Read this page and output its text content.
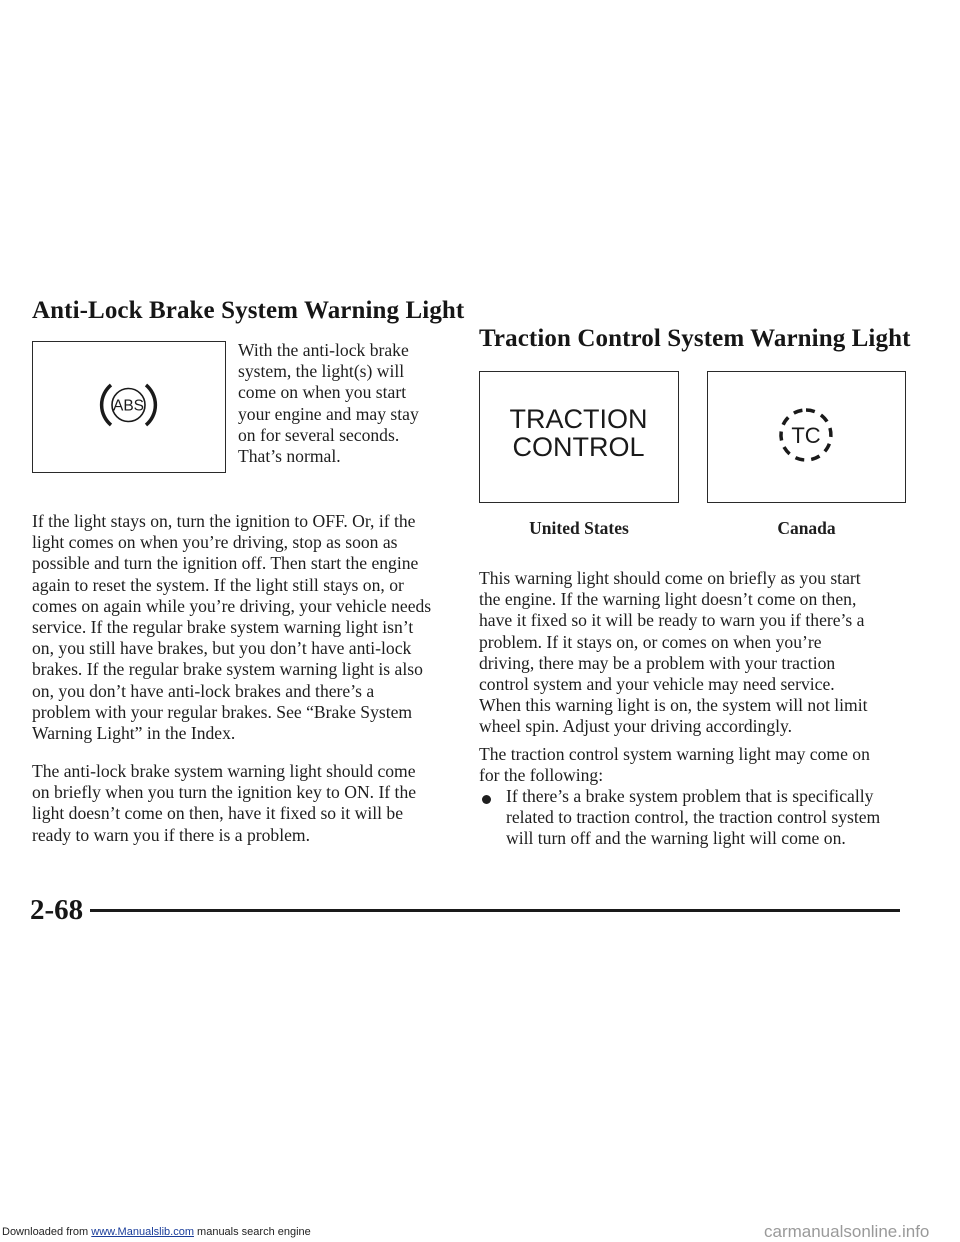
Anti-Lock Brake System Warning Light
ABS
With the anti-lock brake
system, the light(s) will
come on when you start
your engine and may stay
on for several seconds.
That’s normal.
If the light stays on, turn the ignition to OFF. Or, if the
light comes on when you’re driving, stop as soon as
possible and turn the ignition off. Then start the engine
again to reset the system. If the light still stays on, or
comes on again while you’re driving, your vehicle needs
service. If the regular brake system warning light isn’t
on, you still have brakes, but you don’t have anti-lock
brakes. If the regular brake system warning light is also
on, you don’t have anti-lock brakes and there’s a
problem with your regular brakes. See “Brake System
Warning Light” in the Index.
The anti-lock brake system warning light should come
on briefly when you turn the ignition key to ON. If the
light doesn’t come on then, have it fixed so it will be
ready to warn you if there is a problem.
Traction Control System Warning Light
TRACTION
CONTROL	TC
United States	Canada
This warning light should come on briefly as you start
the engine. If the warning light doesn’t come on then,
have it fixed so it will be ready to warn you if there’s a
problem. If it stays on, or comes on when you’re
driving, there may be a problem with your traction
control system and your vehicle may need service.
When this warning light is on, the system will not limit
wheel spin. Adjust your driving accordingly.
The traction control system warning light may come on
for the following:
If there’s a brake system problem that is specifically
related to traction control, the traction control system
will turn off and the warning light will come on.
2-68
Downloaded from www.Manualslib.com manuals search engine	carmanualsonline.info
